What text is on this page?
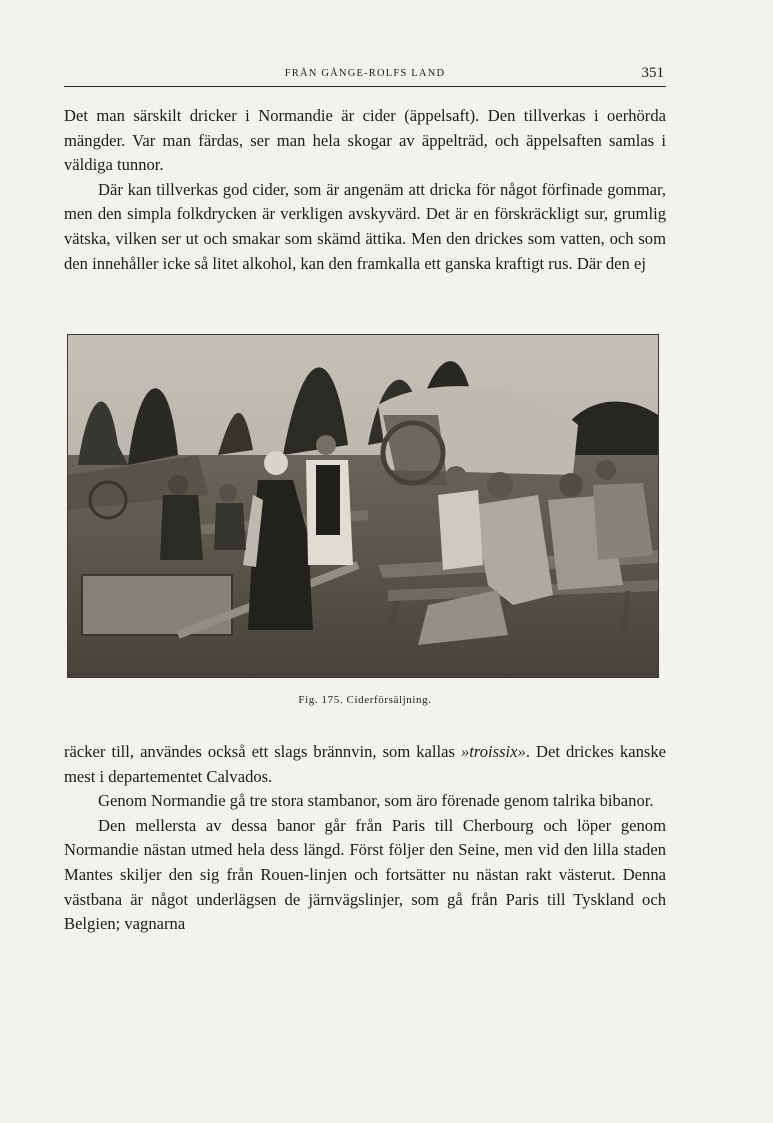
FRÅN GÅNGE-ROLFS LAND	351

Det man särskilt dricker i Normandie är cider (äppelsaft). Den tillverkas i oerhörda mängder. Var man färdas, ser man hela skogar av äppelträd, och äppelsaften samlas i väldiga tunnor.

Där kan tillverkas god cider, som är angenäm att dricka för något förfinade gommar, men den simpla folkdrycken är verkligen avskyvärd. Det är en förskräckligt sur, grumlig vätska, vilken ser ut och smakar som skämd ättika. Men den drickes som vatten, och som den innehåller icke så litet alkohol, kan den framkalla ett ganska kraftigt rus. Där den ej

Fig. 175. Ciderförsäljning.

räcker till, användes också ett slags brännvin, som kallas »troissix». Det drickes kanske mest i departementet Calvados.

Genom Normandie gå tre stora stambanor, som äro förenade genom talrika bibanor.

Den mellersta av dessa banor går från Paris till Cherbourg och löper genom Normandie nästan utmed hela dess längd. Först följer den Seine, men vid den lilla staden Mantes skiljer den sig från Rouen-linjen och fortsätter nu nästan rakt västerut. Denna västbana är något underlägsen de järnvägslinjer, som gå från Paris till Tyskland och Belgien; vagnarna
